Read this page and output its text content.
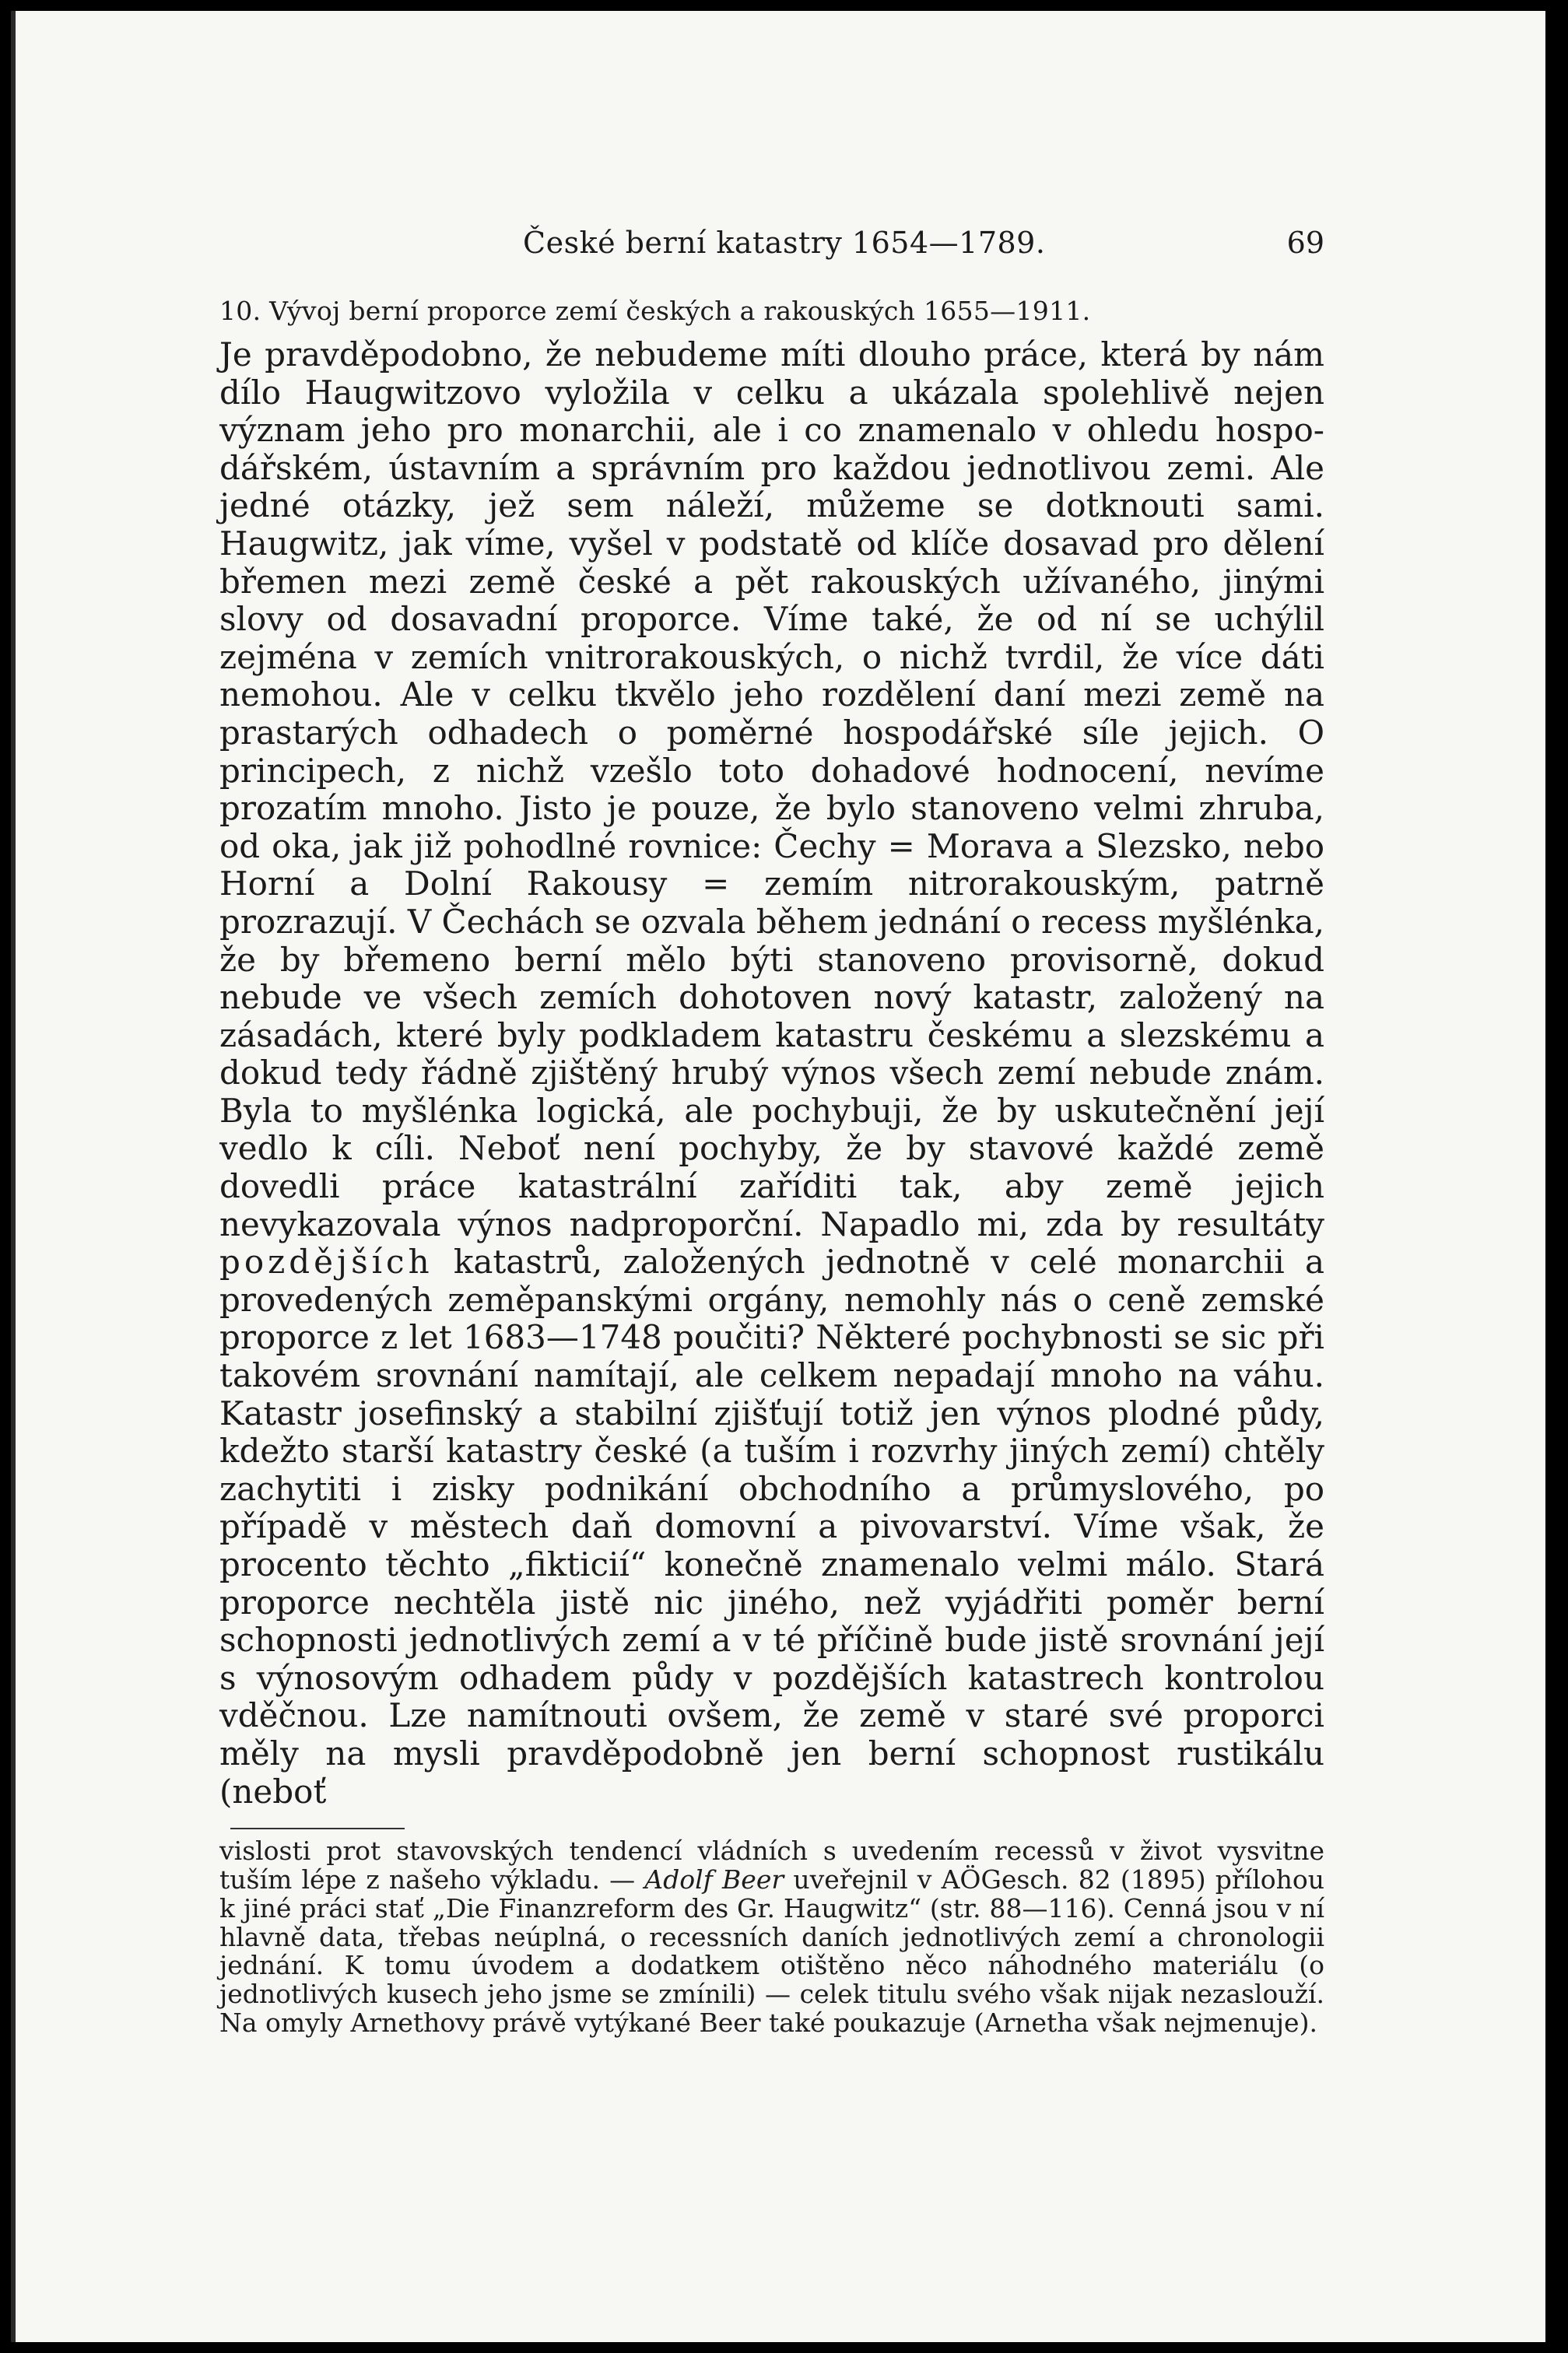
České berní katastry 1654—1789.	69
10. Vývoj berní proporce zemí českých a rakouských 1655—1911.

Je pravděpodobno, že nebudeme míti dlouho práce, která by nám dílo Haugwitzovo vyložila v celku a ukázala spolehlivě nejen význam jeho pro monarchii, ale i co znamenalo v ohledu hospodářském, ústavním a správním pro každou jednotlivou zemi. Ale jedné otázky, jež sem náleží, můžeme se dotknouti sami. Haugwitz, jak víme, vyšel v podstatě od klíče dosavad pro dělení břemen mezi země české a pět rakouských užívaného, jinými slovy od dosavadní proporce. Víme také, že od ní se uchýlil zejména v zemích vnitrorakouských, o nichž tvrdil, že více dáti nemohou. Ale v celku tkvělo jeho rozdělení daní mezi země na prastarých odhadech o poměrné hospodářské síle jejich. O principech, z nichž vzešlo toto dohadové hodnocení, nevíme prozatím mnoho. Jisto je pouze, že bylo stanoveno velmi zhruba, od oka, jak již pohodlné rovnice: Čechy = Morava a Slezsko, nebo Horní a Dolní Rakousy = zemím nitrorakouským, patrně prozrazují. V Čechách se ozvala během jednání o recess myšlénka, že by břemeno berní mělo býti stanoveno provisorně, dokud nebude ve všech zemích dohotoven nový katastr, založený na zásadách, které byly podkladem katastru českému a slezskému a dokud tedy řádně zjištěný hrubý výnos všech zemí nebude znám. Byla to myšlénka logická, ale pochybuji, že by uskutečnění její vedlo k cíli. Neboť není pochyby, že by stavové každé země dovedli práce katastrální zaříditi tak, aby země jejich nevykazovala výnos nadproporční. Napadlo mi, zda by resultáty pozdějších katastrů, založených jednotně v celé monarchii a provedených zeměpanskými orgány, nemohly nás o ceně zemské proporce z let 1683—1748 poučiti? Některé pochybnosti se sic při takovém srovnání namítají, ale celkem nepadají mnoho na váhu. Katastr josefinský a stabilní zjišťují totiž jen výnos plodné půdy, kdežto starší katastry české (a tuším i rozvrhy jiných zemí) chtěly zachytiti i zisky podnikání obchodního a průmyslového, po případě v městech daň domovní a pivovarství. Víme však, že procento těchto „fikticií“ konečně znamenalo velmi málo. Stará proporce nechtěla jistě nic jiného, než vyjádřiti poměr berní schopnosti jednotlivých zemí a v té příčině bude jistě srovnání její s výnosovým odhadem půdy v pozdějších katastrech kontrolou vděčnou. Lze namítnouti ovšem, že země v staré své proporci měly na mysli pravděpodobně jen berní schopnost rustikálu (neboť

vislosti prot stavovských tendencí vládních s uvedením recessů v život vysvitne tuším lépe z našeho výkladu. — Adolf Beer uveřejnil v AÖGesch. 82 (1895) přílohou k jiné práci stať „Die Finanzreform des Gr. Haugwitz“ (str. 88—116). Cenná jsou v ní hlavně data, třebas neúplná, o recessních daních jednotlivých zemí a chronologii jednání. K tomu úvodem a dodatkem otištěno něco náhodného materiálu (o jednotlivých kusech jeho jsme se zmínili) — celek titulu svého však nijak nezaslouží. Na omyly Arnethovy právě vytýkané Beer také poukazuje (Arnetha však nejmenuje).
